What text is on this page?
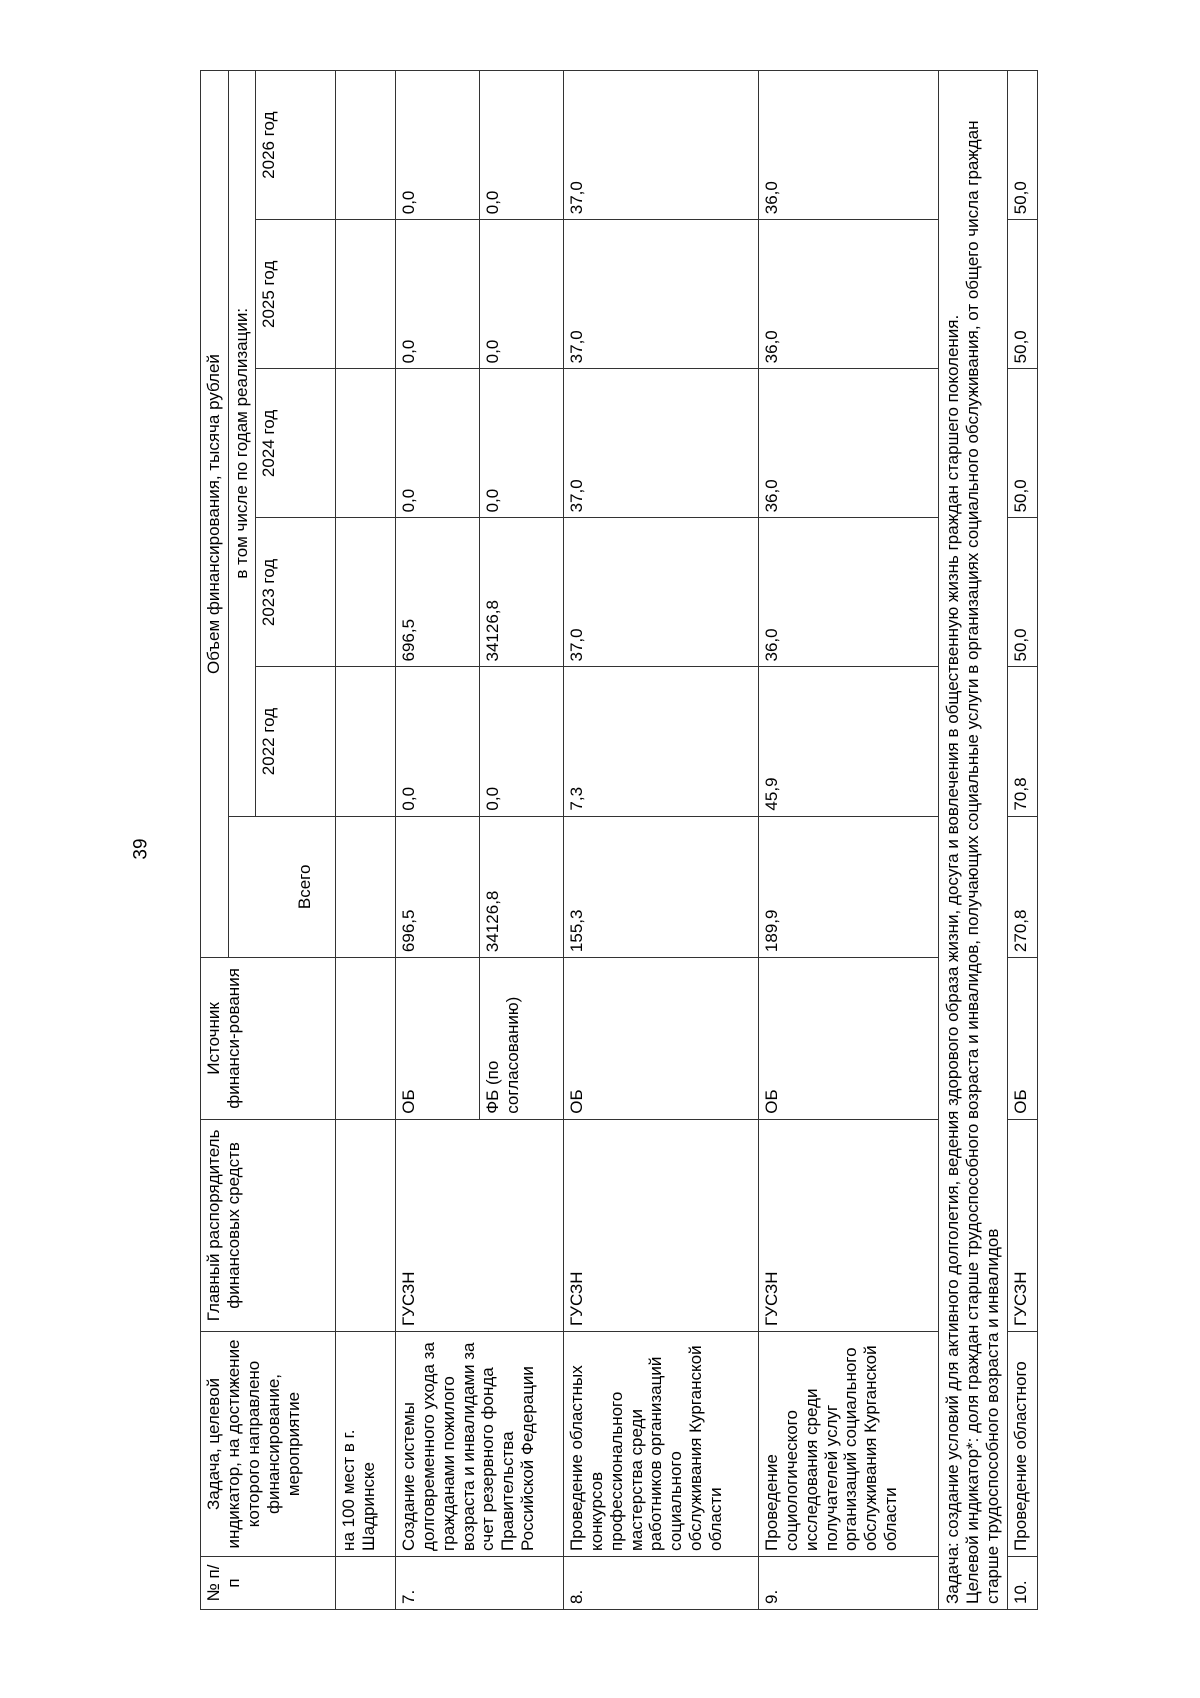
39
№ п/п	Задача, целевой индикатор, на достижение которого направлено финансирование, мероприятие	Главный распорядитель финансовых средств	Источник финанси-рования	Объем финансирования, тысяча рублей					
				Всего	в том числе по годам реализации:				
					2022 год	2023 год	2024 год	2025 год	2026 год
	на 100 мест в г. Шадринске								
7.	Создание системы долговременного ухода за гражданами пожилого возраста и инвалидами за счет резервного фонда Правительства Российской Федерации	ГУСЗН	ОБ	696,5	0,0	696,5	0,0	0,0	0,0
			ФБ (по согласованию)	34126,8	0,0	34126,8	0,0	0,0	0,0
8.	Проведение областных конкурсов профессионального мастерства среди работников организаций социального обслуживания Курганской области	ГУСЗН	ОБ	155,3	7,3	37,0	37,0	37,0	37,0
9.	Проведение социологического исследования среди получателей услуг организаций социального обслуживания Курганской области	ГУСЗН	ОБ	189,9	45,9	36,0	36,0	36,0	36,0

Задача: создание условий для активного долголетия, ведения здорового образа жизни, досуга и вовлечения в общественную жизнь граждан старшего поколения. Целевой индикатор*: доля граждан старше трудоспособного возраста и инвалидов, получающих социальные услуги в организациях социального обслуживания, от общего числа граждан старше трудоспособного возраста и инвалидов									

10.	Проведение областного	ГУСЗН	ОБ	270,8	70,8	50,0	50,0	50,0	50,0
